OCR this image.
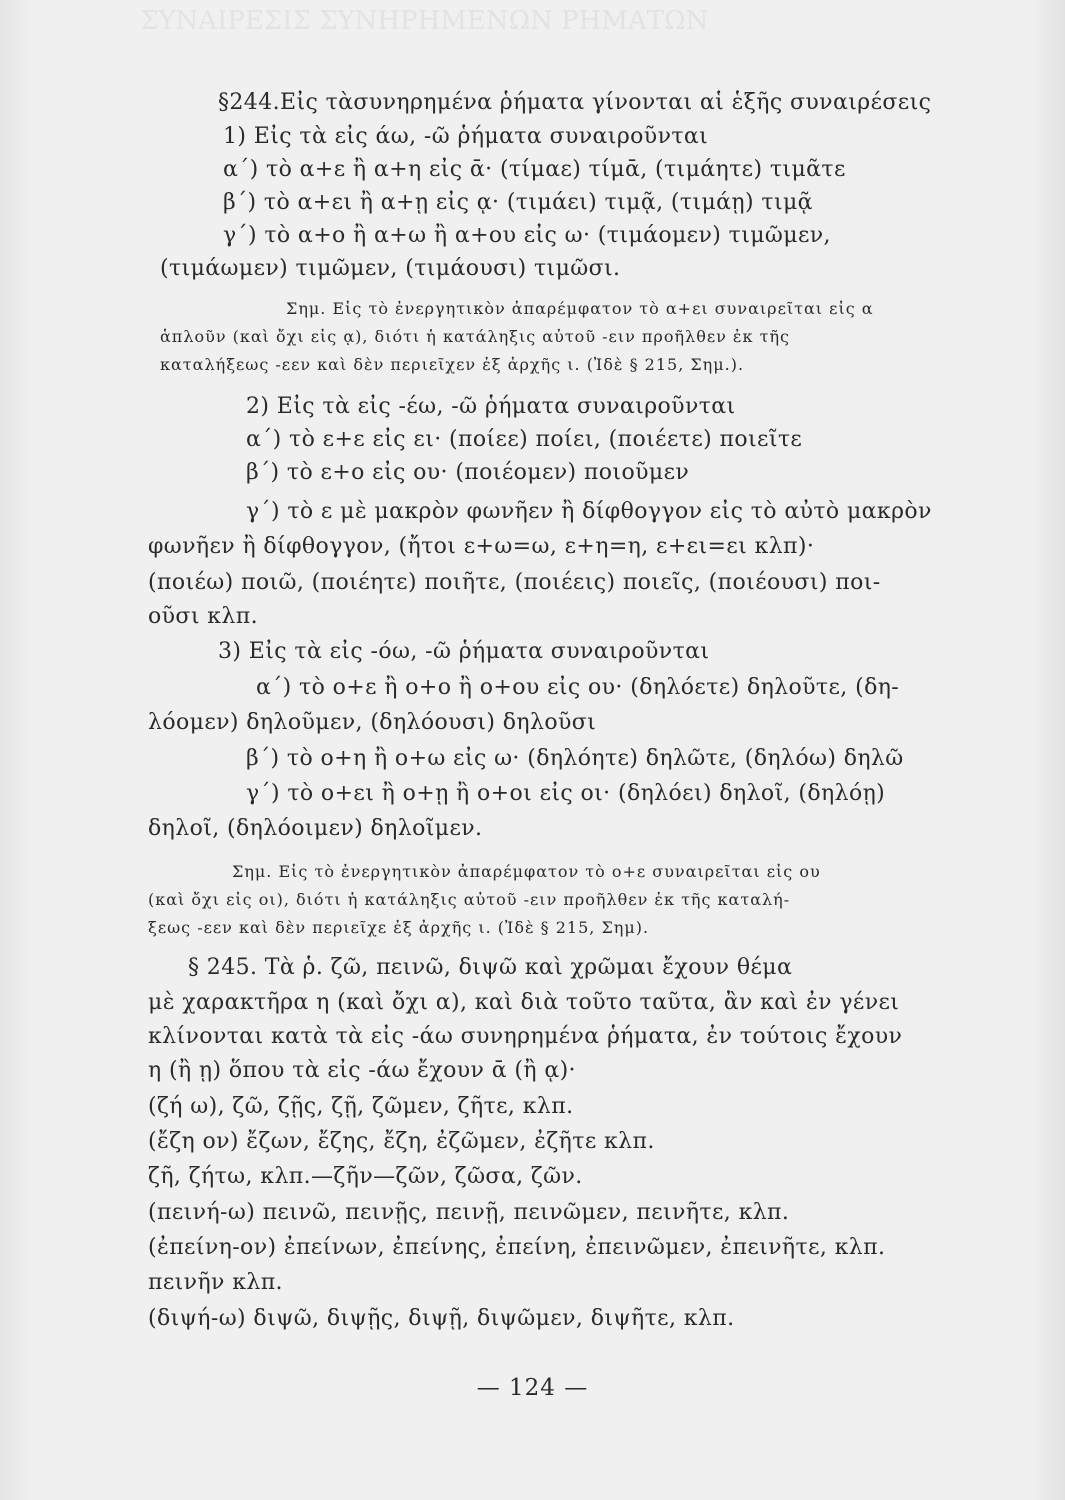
ΣΥΝΑΙΡΕΣΙΣ ΣΥΝΗΡΗΜΕΝΩΝ ΡΗΜΑΤΩΝ
§244.Εἰς τὰσυνηρημένα ῥήματα γίνονται αἱ ἑξῆς συναιρέσεις
1) Εἰς τὰ εἰς άω, -ῶ ῥήματα συναιροῦνται
α΄) τὸ α+ε ἢ α+η εἰς ᾱ· (τίμαε) τίμᾱ, (τιμάητε) τιμᾶτε
β΄) τὸ α+ει ἢ α+ῃ εἰς ᾳ· (τιμάει) τιμᾷ, (τιμάῃ) τιμᾷ
γ΄) τὸ α+ο ἢ α+ω ἢ α+ου εἰς ω· (τιμάομεν) τιμῶμεν,
(τιμάωμεν) τιμῶμεν, (τιμάουσι) τιμῶσι.
Σημ. Εἰς τὸ ἐνεργητικὸν ἀπαρέμφατον τὸ α+ει συναιρεῖται εἰς α
ἁπλοῦν (καὶ ὄχι εἰς ᾳ), διότι ἡ κατάληξις αὐτοῦ -ειν προῆλθεν ἐκ τῆς
καταλήξεως -εεν καὶ δὲν περιεῖχεν ἐξ ἀρχῆς ι. (Ἰδὲ § 215, Σημ.).
2) Εἰς τὰ εἰς -έω, -ῶ ῥήματα συναιροῦνται
α΄) τὸ ε+ε εἰς ει· (ποίεε) ποίει, (ποιέετε) ποιεῖτε
β΄) τὸ ε+ο εἰς ου· (ποιέομεν) ποιοῦμεν
γ΄) τὸ ε μὲ μακρὸν φωνῆεν ἢ δίφθογγον εἰς τὸ αὐτὸ μακρὸν
φωνῆεν ἢ δίφθογγον, (ἤτοι ε+ω=ω, ε+η=η, ε+ει=ει κλπ)·
(ποιέω) ποιῶ, (ποιέητε) ποιῆτε, (ποιέεις) ποιεῖς, (ποιέουσι) ποι-
οῦσι κλπ.
3) Εἰς τὰ εἰς -όω, -ῶ ῥήματα συναιροῦνται
α΄) τὸ ο+ε ἢ ο+ο ἢ ο+ου εἰς ου· (δηλόετε) δηλοῦτε, (δη-
λόομεν) δηλοῦμεν, (δηλόουσι) δηλοῦσι
β΄) τὸ ο+η ἢ ο+ω εἰς ω· (δηλόητε) δηλῶτε, (δηλόω) δηλῶ
γ΄) τὸ ο+ει ἢ ο+ῃ ἢ ο+οι εἰς οι· (δηλόει) δηλοῖ, (δηλόῃ)
δηλοῖ, (δηλόοιμεν) δηλοῖμεν.
Σημ. Εἰς τὸ ἐνεργητικὸν ἀπαρέμφατον τὸ ο+ε συναιρεῖται εἰς ου
(καὶ ὄχι εἰς οι), διότι ἡ κατάληξις αὐτοῦ -ειν προῆλθεν ἐκ τῆς καταλή-
ξεως -εεν καὶ δὲν περιεῖχε ἐξ ἀρχῆς ι. (Ἰδὲ § 215, Σημ).
§ 245. Τὰ ῥ. ζῶ, πεινῶ, διψῶ καὶ χρῶμαι ἔχουν θέμα
μὲ χαρακτῆρα η (καὶ ὄχι α), καὶ διὰ τοῦτο ταῦτα, ἂν καὶ ἐν γένει
κλίνονται κατὰ τὰ εἰς -άω συνηρημένα ῥήματα, ἐν τούτοις ἔχουν
η (ἢ ῃ) ὅπου τὰ εἰς -άω ἔχουν ᾱ (ἢ ᾳ)·
(ζή ω), ζῶ, ζῇς, ζῇ, ζῶμεν, ζῆτε, κλπ.
(ἔζη ον) ἔζων, ἔζης, ἔζη, ἐζῶμεν, ἐζῆτε κλπ.
ζῆ, ζήτω, κλπ.—ζῆν—ζῶν, ζῶσα, ζῶν.
(πεινή-ω) πεινῶ, πεινῇς, πεινῇ, πεινῶμεν, πεινῆτε, κλπ.
(ἐπείνη-ον) ἐπείνων, ἐπείνης, ἐπείνη, ἐπεινῶμεν, ἐπεινῆτε, κλπ.
πεινῆν κλπ.
(διψή-ω) διψῶ, διψῇς, διψῇ, διψῶμεν, διψῆτε, κλπ.
— 124 —
